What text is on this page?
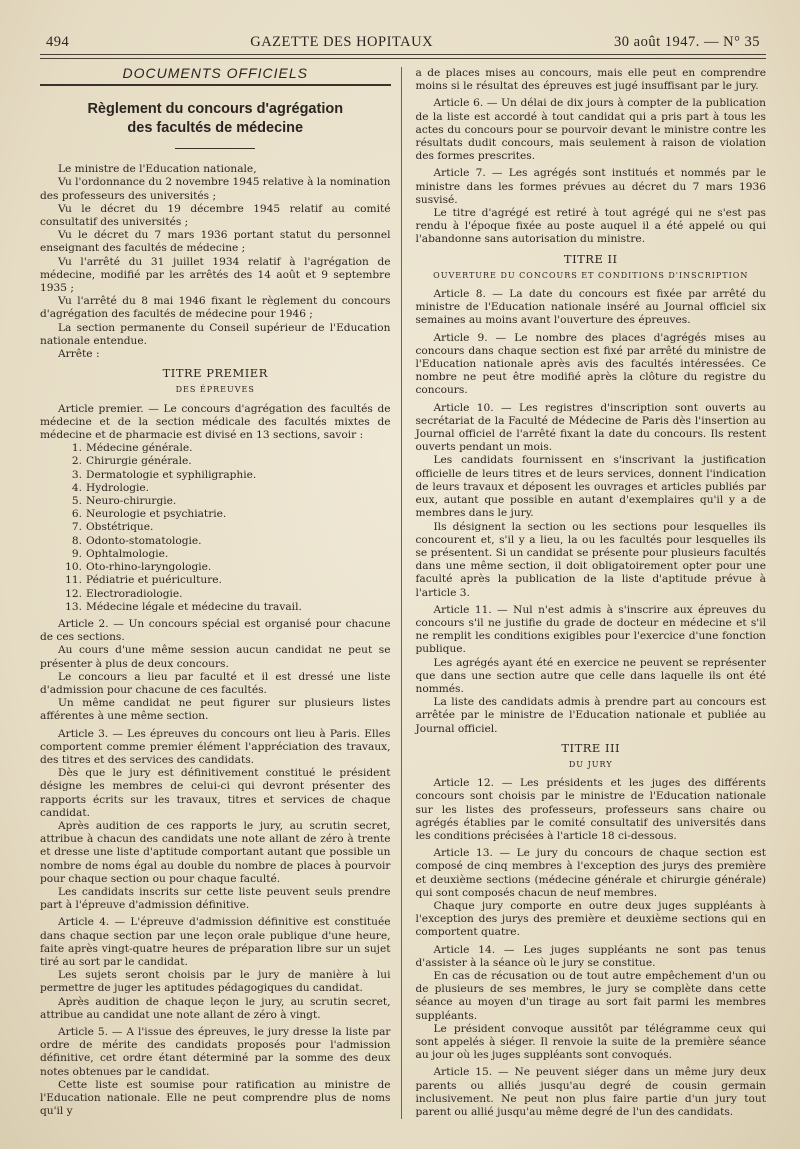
494	GAZETTE DES HOPITAUX	30 août 1947. — N° 35
DOCUMENTS OFFICIELS
Règlement du concours d'agrégation
des facultés de médecine

Le ministre de l'Education nationale,

Vu l'ordonnance du 2 novembre 1945 relative à la nomination des professeurs des universités ;

Vu le décret du 19 décembre 1945 relatif au comité consultatif des universités ;

Vu le décret du 7 mars 1936 portant statut du personnel enseignant des facultés de médecine ;

Vu l'arrêté du 31 juillet 1934 relatif à l'agrégation de médecine, modifié par les arrêtés des 14 août et 9 septembre 1935 ;

Vu l'arrêté du 8 mai 1946 fixant le règlement du concours d'agrégation des facultés de médecine pour 1946 ;

La section permanente du Conseil supérieur de l'Education nationale entendue.

Arrête :

TITRE PREMIER
DES ÉPREUVES

Article premier. — Le concours d'agrégation des facultés de médecine et de la section médicale des facultés mixtes de médecine et de pharmacie est divisé en 13 sections, savoir :

1. Médecine générale.
2. Chirurgie générale.
3. Dermatologie et syphiligraphie.
4. Hydrologie.
5. Neuro-chirurgie.
6. Neurologie et psychiatrie.
7. Obstétrique.
8. Odonto-stomatologie.
9. Ophtalmologie.
10. Oto-rhino-laryngologie.
11. Pédiatrie et puériculture.
12. Electroradiologie.
13. Médecine légale et médecine du travail.

Article 2. — Un concours spécial est organisé pour chacune de ces sections.

Au cours d'une même session aucun candidat ne peut se présenter à plus de deux concours.

Le concours a lieu par faculté et il est dressé une liste d'admission pour chacune de ces facultés.

Un même candidat ne peut figurer sur plusieurs listes afférentes à une même section.

Article 3. — Les épreuves du concours ont lieu à Paris. Elles comportent comme premier élément l'appréciation des travaux, des titres et des services des candidats.

Dès que le jury est définitivement constitué le président désigne les membres de celui-ci qui devront présenter des rapports écrits sur les travaux, titres et services de chaque candidat.

Après audition de ces rapports le jury, au scrutin secret, attribue à chacun des candidats une note allant de zéro à trente et dresse une liste d'aptitude comportant autant que possible un nombre de noms égal au double du nombre de places à pourvoir pour chaque section ou pour chaque faculté.

Les candidats inscrits sur cette liste peuvent seuls prendre part à l'épreuve d'admission définitive.

Article 4. — L'épreuve d'admission définitive est constituée dans chaque section par une leçon orale publique d'une heure, faite après vingt-quatre heures de préparation libre sur un sujet tiré au sort par le candidat.

Les sujets seront choisis par le jury de manière à lui permettre de juger les aptitudes pédagogiques du candidat.

Après audition de chaque leçon le jury, au scrutin secret, attribue au candidat une note allant de zéro à vingt.

Article 5. — A l'issue des épreuves, le jury dresse la liste par ordre de mérite des candidats proposés pour l'admission définitive, cet ordre étant déterminé par la somme des deux notes obtenues par le candidat.

Cette liste est soumise pour ratification au ministre de l'Education nationale. Elle ne peut comprendre plus de noms qu'il y

a de places mises au concours, mais elle peut en comprendre moins si le résultat des épreuves est jugé insuffisant par le jury.

Article 6. — Un délai de dix jours à compter de la publication de la liste est accordé à tout candidat qui a pris part à tous les actes du concours pour se pourvoir devant le ministre contre les résultats dudit concours, mais seulement à raison de violation des formes prescrites.

Article 7. — Les agrégés sont institués et nommés par le ministre dans les formes prévues au décret du 7 mars 1936 susvisé.

Le titre d'agrégé est retiré à tout agrégé qui ne s'est pas rendu à l'époque fixée au poste auquel il a été appelé ou qui l'abandonne sans autorisation du ministre.

TITRE II
OUVERTURE DU CONCOURS ET CONDITIONS D'INSCRIPTION

Article 8. — La date du concours est fixée par arrêté du ministre de l'Education nationale inséré au Journal officiel six semaines au moins avant l'ouverture des épreuves.

Article 9. — Le nombre des places d'agrégés mises au concours dans chaque section est fixé par arrêté du ministre de l'Education nationale après avis des facultés intéressées. Ce nombre ne peut être modifié après la clôture du registre du concours.

Article 10. — Les registres d'inscription sont ouverts au secrétariat de la Faculté de Médecine de Paris dès l'insertion au Journal officiel de l'arrêté fixant la date du concours. Ils restent ouverts pendant un mois.

Les candidats fournissent en s'inscrivant la justification officielle de leurs titres et de leurs services, donnent l'indication de leurs travaux et déposent les ouvrages et articles publiés par eux, autant que possible en autant d'exemplaires qu'il y a de membres dans le jury.

Ils désignent la section ou les sections pour lesquelles ils concourent et, s'il y a lieu, la ou les facultés pour lesquelles ils se présentent. Si un candidat se présente pour plusieurs facultés dans une même section, il doit obligatoirement opter pour une faculté après la publication de la liste d'aptitude prévue à l'article 3.

Article 11. — Nul n'est admis à s'inscrire aux épreuves du concours s'il ne justifie du grade de docteur en médecine et s'il ne remplit les conditions exigibles pour l'exercice d'une fonction publique.

Les agrégés ayant été en exercice ne peuvent se représenter que dans une section autre que celle dans laquelle ils ont été nommés.

La liste des candidats admis à prendre part au concours est arrêtée par le ministre de l'Education nationale et publiée au Journal officiel.

TITRE III
DU JURY

Article 12. — Les présidents et les juges des différents concours sont choisis par le ministre de l'Education nationale sur les listes des professeurs, professeurs sans chaire ou agrégés établies par le comité consultatif des universités dans les conditions précisées à l'article 18 ci-dessous.

Article 13. — Le jury du concours de chaque section est composé de cinq membres à l'exception des jurys des première et deuxième sections (médecine générale et chirurgie générale) qui sont composés chacun de neuf membres.

Chaque jury comporte en outre deux juges suppléants à l'exception des jurys des première et deuxième sections qui en comportent quatre.

Article 14. — Les juges suppléants ne sont pas tenus d'assister à la séance où le jury se constitue.

En cas de récusation ou de tout autre empêchement d'un ou de plusieurs de ses membres, le jury se complète dans cette séance au moyen d'un tirage au sort fait parmi les membres suppléants.

Le président convoque aussitôt par télégramme ceux qui sont appelés à siéger. Il renvoie la suite de la première séance au jour où les juges suppléants sont convoqués.

Article 15. — Ne peuvent siéger dans un même jury deux parents ou alliés jusqu'au degré de cousin germain inclusivement. Ne peut non plus faire partie d'un jury tout parent ou allié jusqu'au même degré de l'un des candidats.
